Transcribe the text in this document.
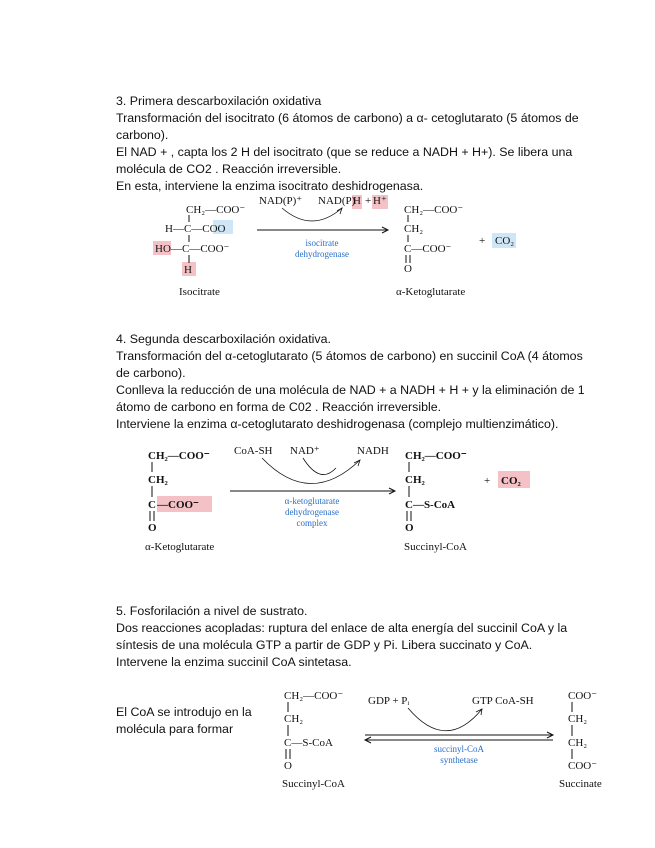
3. Primera descarboxilación oxidativa

Transformación del isocitrato (6 átomos de carbono) a α- cetoglutarato (5 átomos de carbono).

El NAD + , capta los 2 H del isocitrato (que se reduce a NADH + H+). Se libera una molécula de CO2 . Reacción irreversible.

En esta, interviene la enzima isocitrato deshidrogenasa.

CH₂—COO⁻
H—C—COO
HO —C—COO⁻
H
Isocitrate
NAD(P)⁺ NAD(P)
H + H⁺
isocitrate
dehydrogenase
CH₂—COO⁻
CH₂
C—COO⁻
O
α-Ketoglutarate
+ CO₂

4. Segunda descarboxilación oxidativa.

Transformación del α-cetoglutarato (5 átomos de carbono) en succinil CoA (4 átomos de carbono).

Conlleva la reducción de una molécula de NAD + a NADH + H + y la eliminación de 1 átomo de carbono en forma de C02 . Reacción irreversible.

Interviene la enzima α-cetoglutarato deshidrogenasa (complejo multienzimático).

CH₂—COO⁻
CH₂
C —COO⁻
O
α-Ketoglutarate
CoA-SH NAD⁺	NADH
α-ketoglutarate
dehydrogenase
complex
CH₂—COO⁻
CH₂
C—S-CoA
O
Succinyl-CoA
+ CO₂

5. Fosforilación a nivel de sustrato.

Dos reacciones acopladas: ruptura del enlace de alta energía del succinil CoA y la síntesis de una molécula GTP a partir de GDP y Pi. Libera succinato y CoA.

Intervene la enzima succinil CoA sintetasa.

El CoA se introdujo en la molécula para formar

CH₂—COO⁻
CH₂
C—S-CoA
O
Succinyl-CoA
GDP + Pᵢ	GTP CoA-SH
succinyl-CoA
synthetase
COO⁻
CH₂
CH₂
COO⁻
Succinate
